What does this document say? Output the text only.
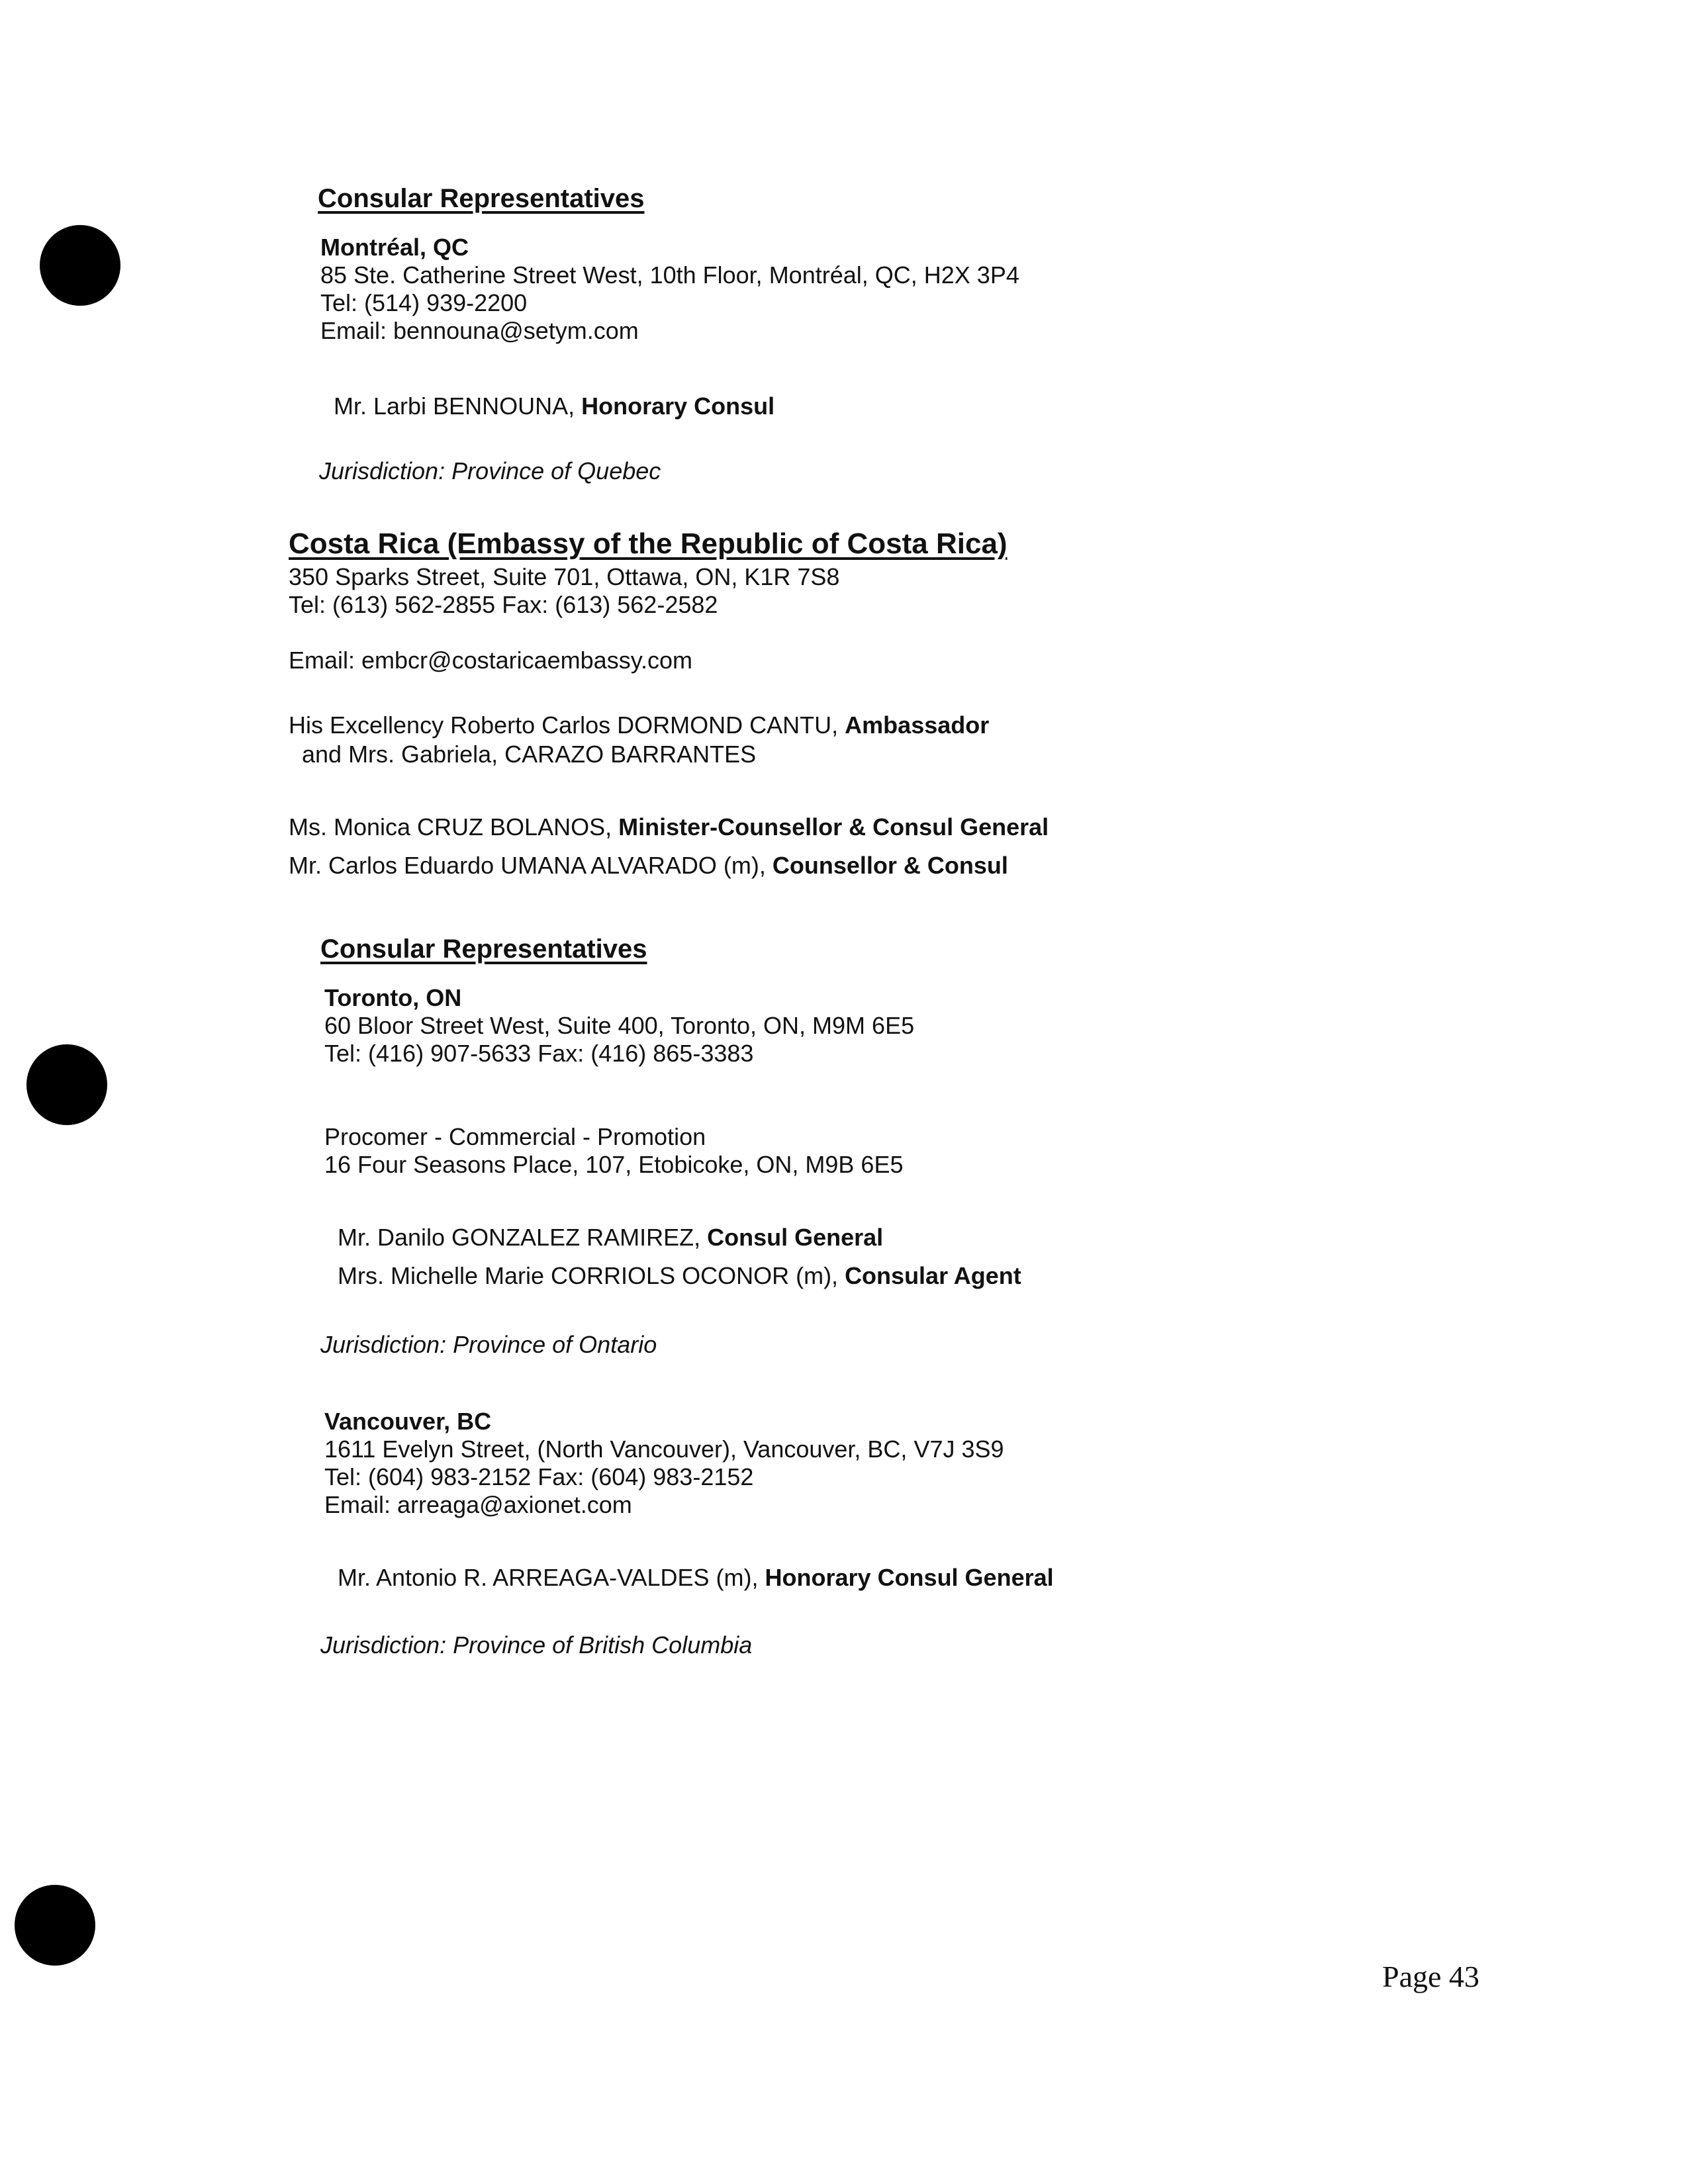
Consular Representatives
Montréal, QC
85 Ste. Catherine Street West, 10th Floor, Montréal, QC, H2X 3P4
Tel: (514) 939-2200
Email: bennouna@setym.com
Mr. Larbi BENNOUNA, Honorary Consul
Jurisdiction: Province of Quebec
Costa Rica (Embassy of the Republic of Costa Rica)
350 Sparks Street, Suite 701, Ottawa, ON, K1R 7S8
Tel: (613) 562-2855 Fax: (613) 562-2582
Email: embcr@costaricaembassy.com
His Excellency Roberto Carlos DORMOND CANTU, Ambassador
and Mrs. Gabriela, CARAZO BARRANTES
Ms. Monica CRUZ BOLANOS, Minister-Counsellor & Consul General
Mr. Carlos Eduardo UMANA ALVARADO (m), Counsellor & Consul
Consular Representatives
Toronto, ON
60 Bloor Street West, Suite 400, Toronto, ON, M9M 6E5
Tel: (416) 907-5633 Fax: (416) 865-3383
Procomer - Commercial - Promotion
16 Four Seasons Place, 107, Etobicoke, ON, M9B 6E5
Mr. Danilo GONZALEZ RAMIREZ, Consul General
Mrs. Michelle Marie CORRIOLS OCONOR (m), Consular Agent
Jurisdiction: Province of Ontario
Vancouver, BC
1611 Evelyn Street, (North Vancouver), Vancouver, BC, V7J 3S9
Tel: (604) 983-2152 Fax: (604) 983-2152
Email: arreaga@axionet.com
Mr. Antonio R. ARREAGA-VALDES (m), Honorary Consul General
Jurisdiction: Province of British Columbia
Page 43
